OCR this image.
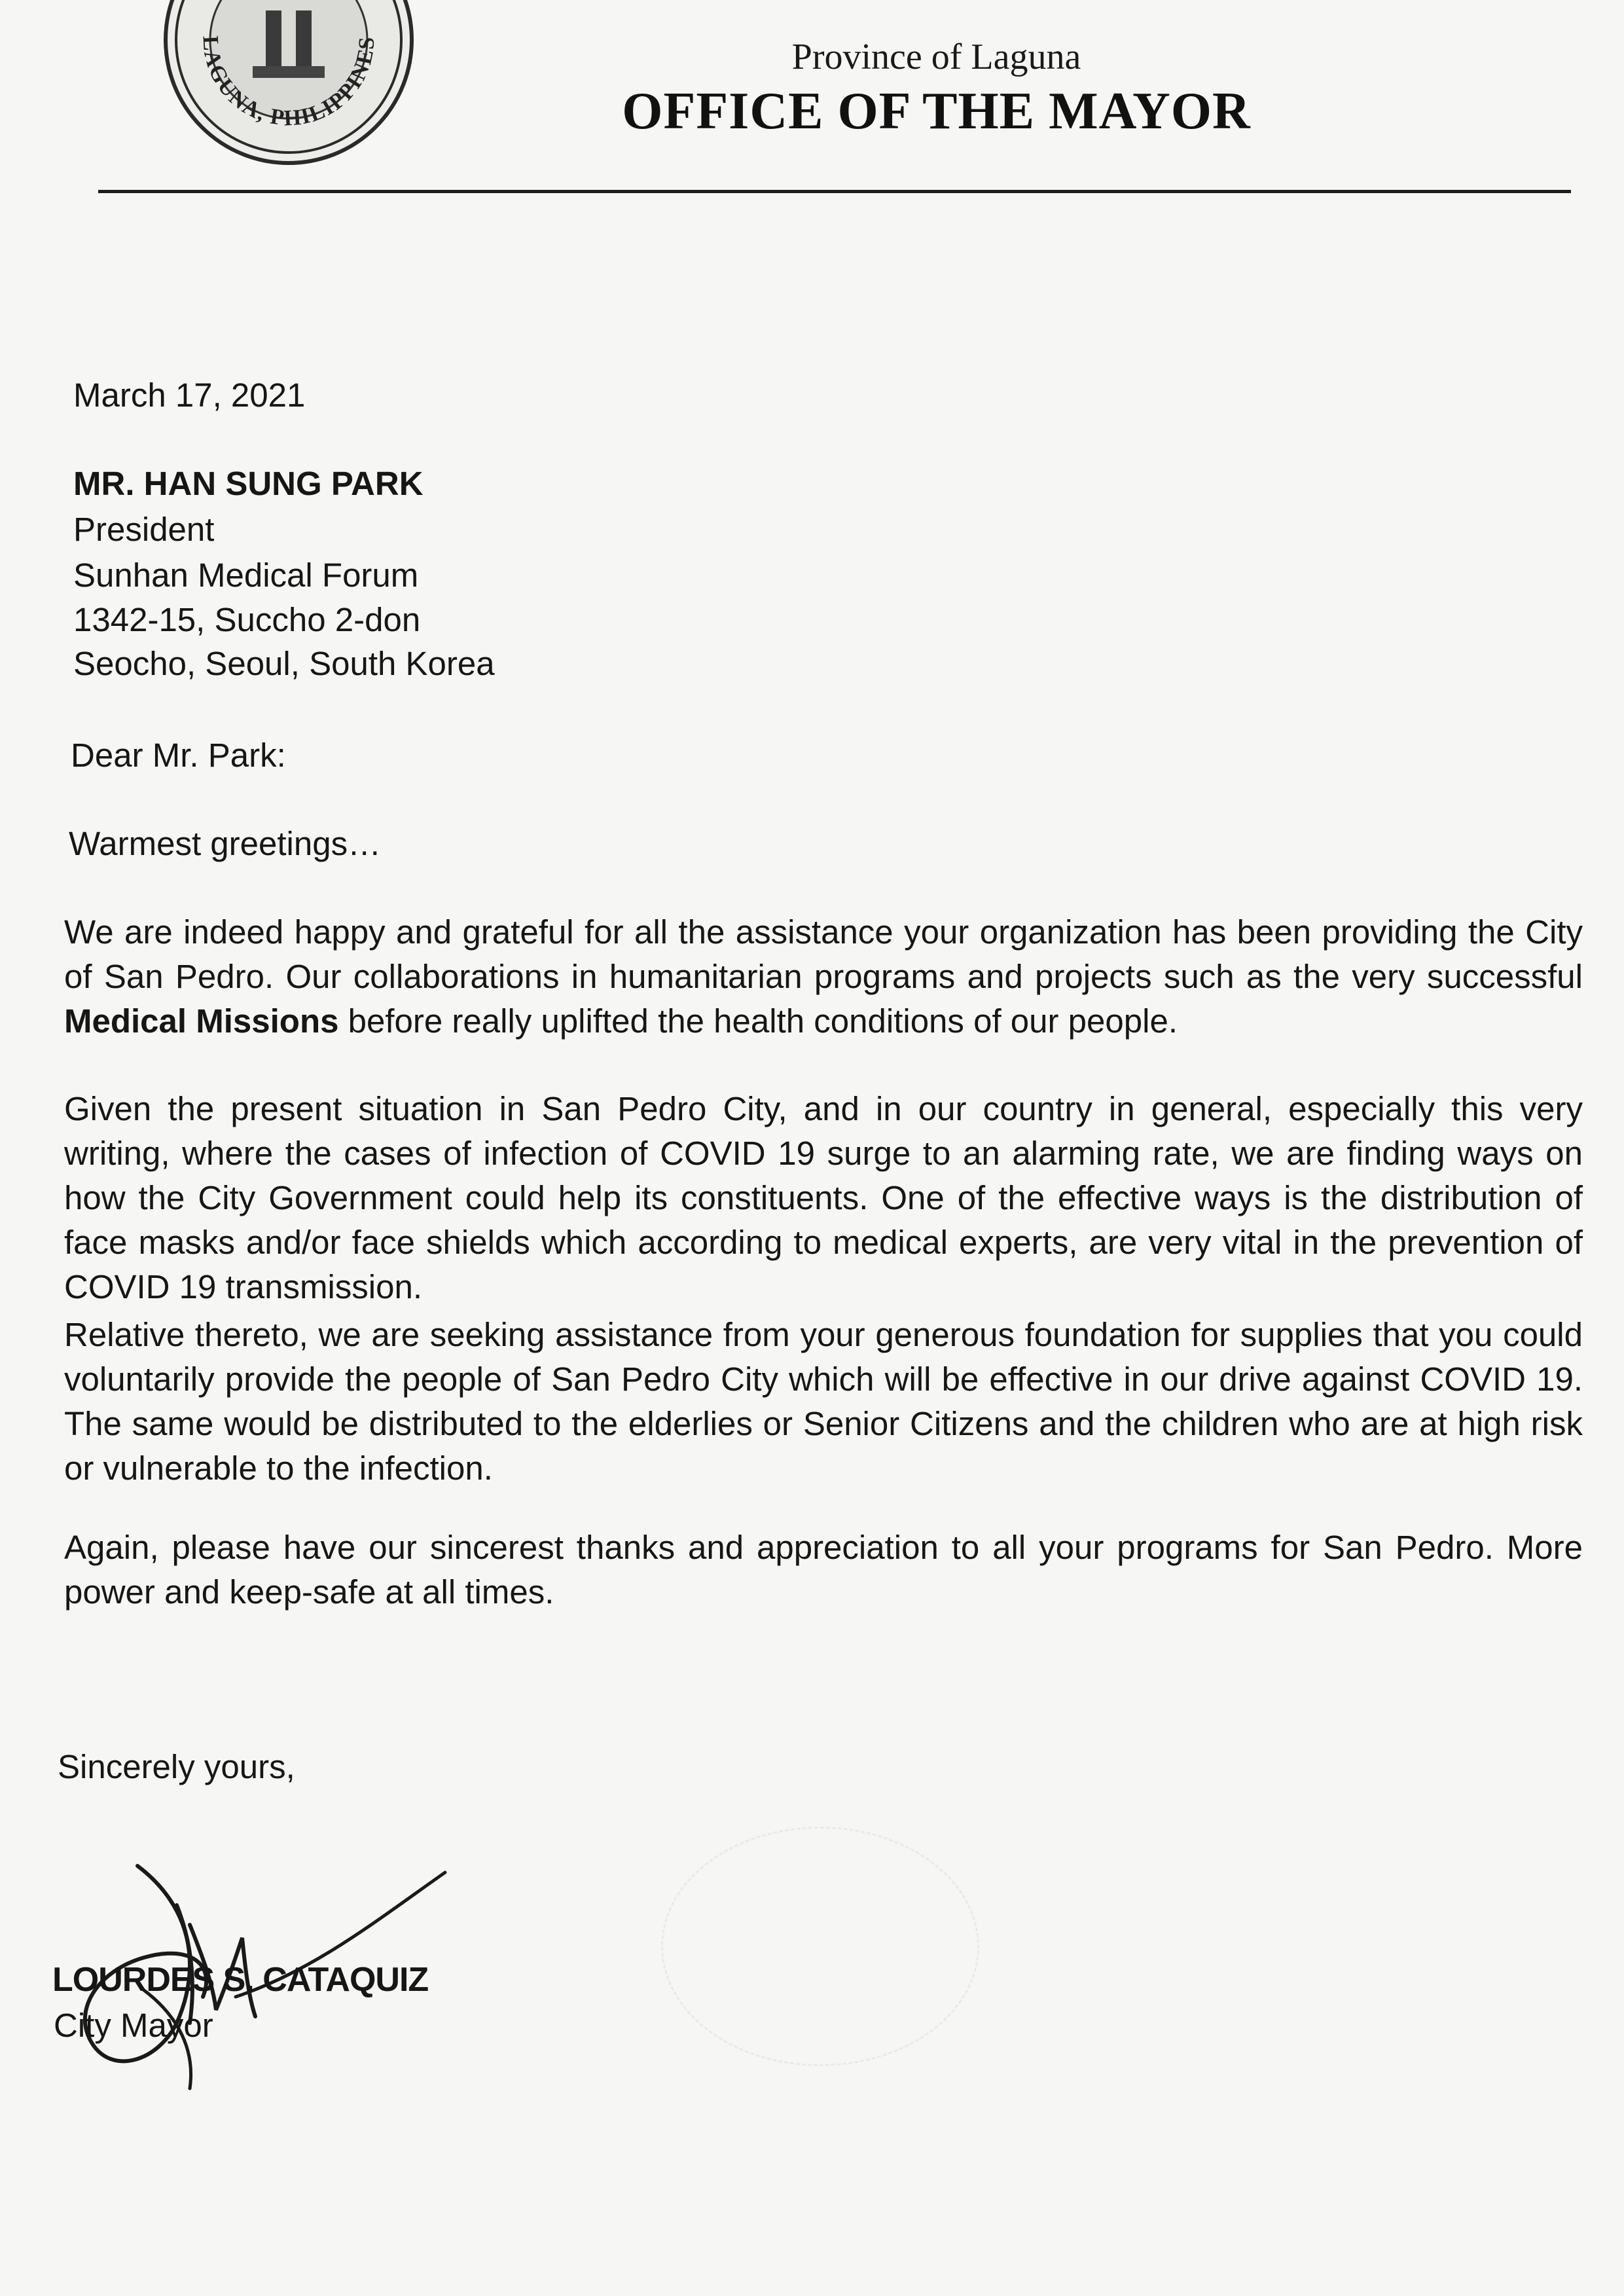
LAGUNA, PHILIPPINES	Province of Laguna
OFFICE OF THE MAYOR
March 17, 2021
MR. HAN SUNG PARK
President
Sunhan Medical Forum
1342-15, Succho 2-don
Seocho, Seoul, South Korea
Dear Mr. Park:
Warmest greetings…
We are indeed happy and grateful for all the assistance your organization has been providing the City of San Pedro. Our collaborations in humanitarian programs and projects such as the very successful Medical Missions before really uplifted the health conditions of our people.
Given the present situation in San Pedro City, and in our country in general, especially this very writing, where the cases of infection of COVID 19 surge to an alarming rate, we are finding ways on how the City Government could help its constituents. One of the effective ways is the distribution of face masks and/or face shields which according to medical experts, are very vital in the prevention of COVID 19 transmission.
Relative thereto, we are seeking assistance from your generous foundation for supplies that you could voluntarily provide the people of San Pedro City which will be effective in our drive against COVID 19. The same would be distributed to the elderlies or Senior Citizens and the children who are at high risk or vulnerable to the infection.
Again, please have our sincerest thanks and appreciation to all your programs for San Pedro. More power and keep-safe at all times.
Sincerely yours,
LOURDES S. CATAQUIZ
City Mayor
